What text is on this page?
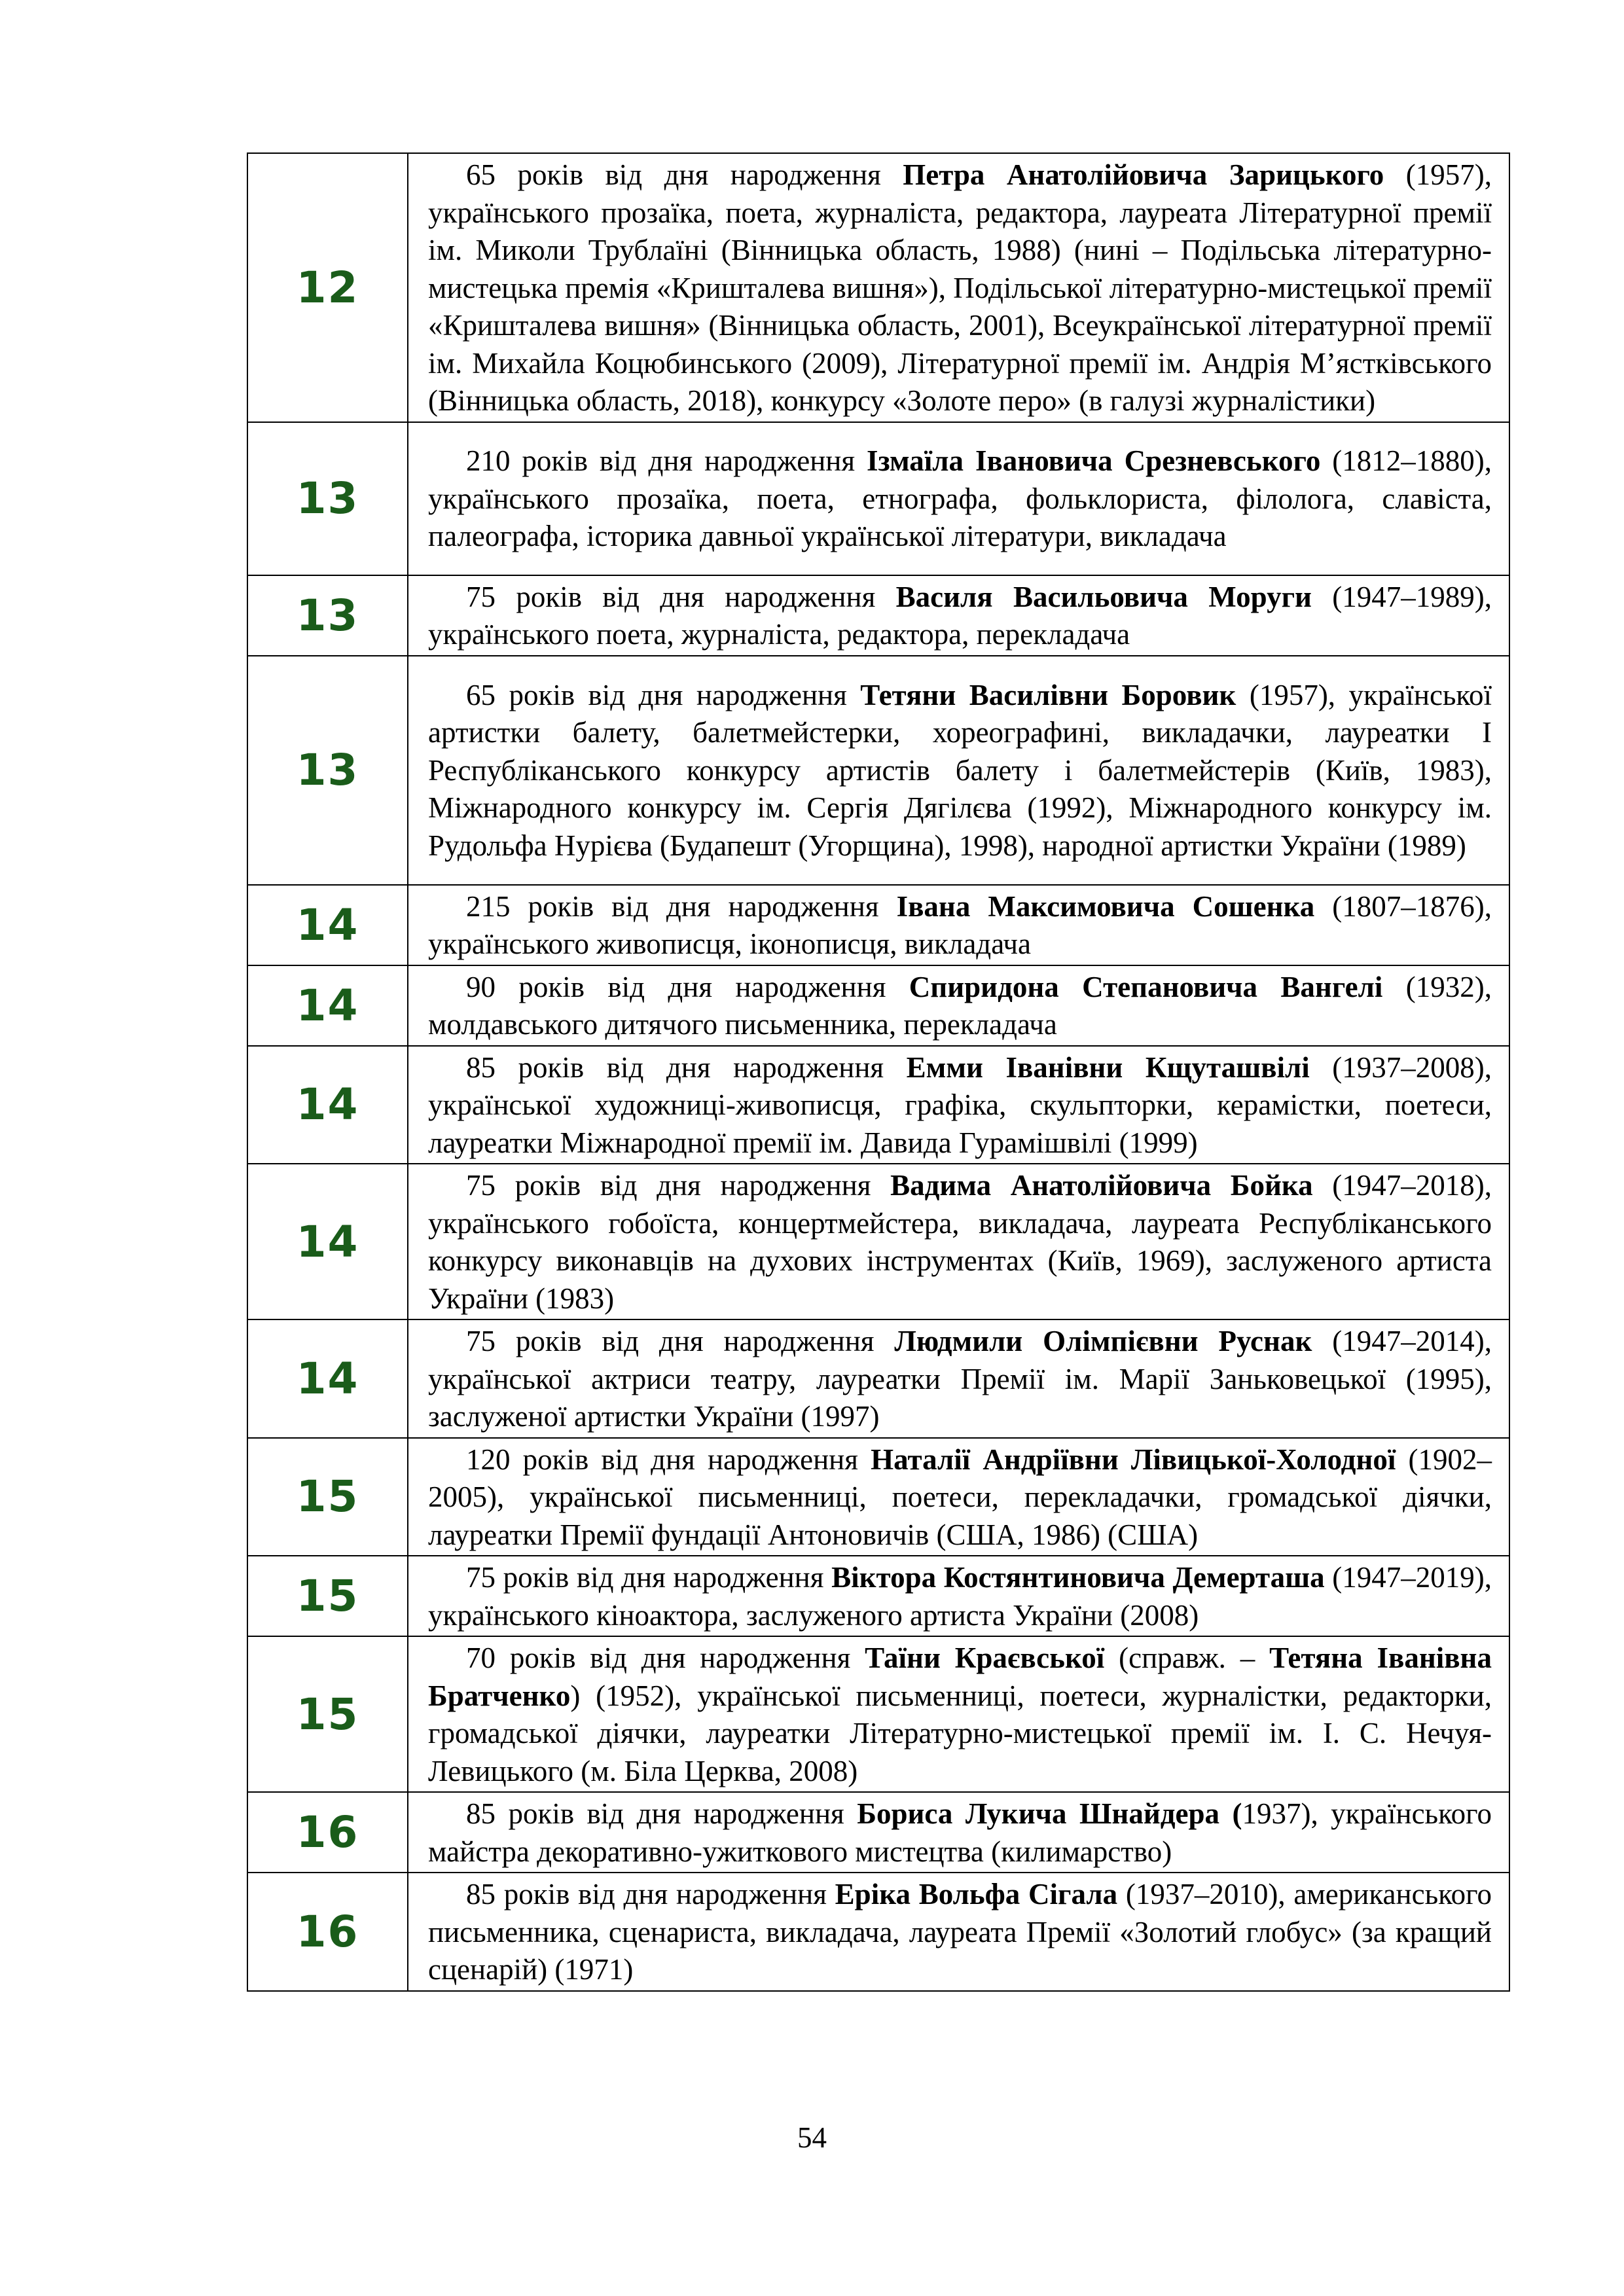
12	65 років від дня народження Петра Анатолійовича Зарицького (1957), українського прозаїка, поета, журналіста, редактора, лауреата Літературної премії ім. Миколи Трублаїні (Вінницька область, 1988) (нині – Подільська літературно-мистецька премія «Кришталева вишня»), Подільської літературно-мистецької премії «Кришталева вишня» (Вінницька область, 2001), Всеукраїнської літературної премії ім. Михайла Коцюбинського (2009), Літературної премії ім. Андрія М’ястківського (Вінницька область, 2018), конкурсу «Золоте перо» (в галузі журналістики)

13	210 років від дня народження Ізмаїла Івановича Срезневського (1812–1880), українського прозаїка, поета, етнографа, фольклориста, філолога, славіста, палеографа, історика давньої української літератури, викладача

13	75 років від дня народження Василя Васильовича Моруги (1947–1989), українського поета, журналіста, редактора, перекладача

13	65 років від дня народження Тетяни Василівни Боровик (1957), української артистки балету, балетмейстерки, хореографині, викладачки, лауреатки І Республіканського конкурсу артистів балету і балетмейстерів (Київ, 1983), Міжнародного конкурсу ім. Сергія Дягілєва (1992), Міжнародного конкурсу ім. Рудольфа Нурієва (Будапешт (Угорщина), 1998), народної артистки України (1989)

14	215 років від дня народження Івана Максимовича Сошенка (1807–1876), українського живописця, іконописця, викладача

14	90 років від дня народження Спиридона Степановича Вангелі (1932), молдавського дитячого письменника, перекладача

14	85 років від дня народження Емми Іванівни Кщуташвілі (1937–2008), української художниці-живописця, графіка, скульпторки, керамістки, поетеси, лауреатки Міжнародної премії ім. Давида Гурамішвілі (1999)

14	75 років від дня народження Вадима Анатолійовича Бойка (1947–2018), українського гобоїста, концертмейстера, викладача, лауреата Республіканського конкурсу виконавців на духових інструментах (Київ, 1969), заслуженого артиста України (1983)

14	75 років від дня народження Людмили Олімпієвни Руснак (1947–2014), української актриси театру, лауреатки Премії ім. Марії Заньковецької (1995), заслуженої артистки України (1997)

15	120 років від дня народження Наталії Андріївни Лівицької-Холодної (1902–2005), української письменниці, поетеси, перекладачки, громадської діячки, лауреатки Премії фундації Антоновичів (США, 1986) (США)

15	75 років від дня народження Віктора Костянтиновича Демерташа (1947–2019), українського кіноактора, заслуженого артиста України (2008)

15	70 років від дня народження Таїни Краєвської (справж. – Тетяна Іванівна Братченко) (1952), української письменниці, поетеси, журналістки, редакторки, громадської діячки, лауреатки Літературно-мистецької премії ім. І. С. Нечуя-Левицького (м. Біла Церква, 2008)

16	85 років від дня народження Бориса Лукича Шнайдера (1937), українського майстра декоративно-ужиткового мистецтва (килимарство)

16	85 років від дня народження Еріка Вольфа Сігала (1937–2010), американського письменника, сценариста, викладача, лауреата Премії «Золотий глобус» (за кращий сценарій) (1971)
54
